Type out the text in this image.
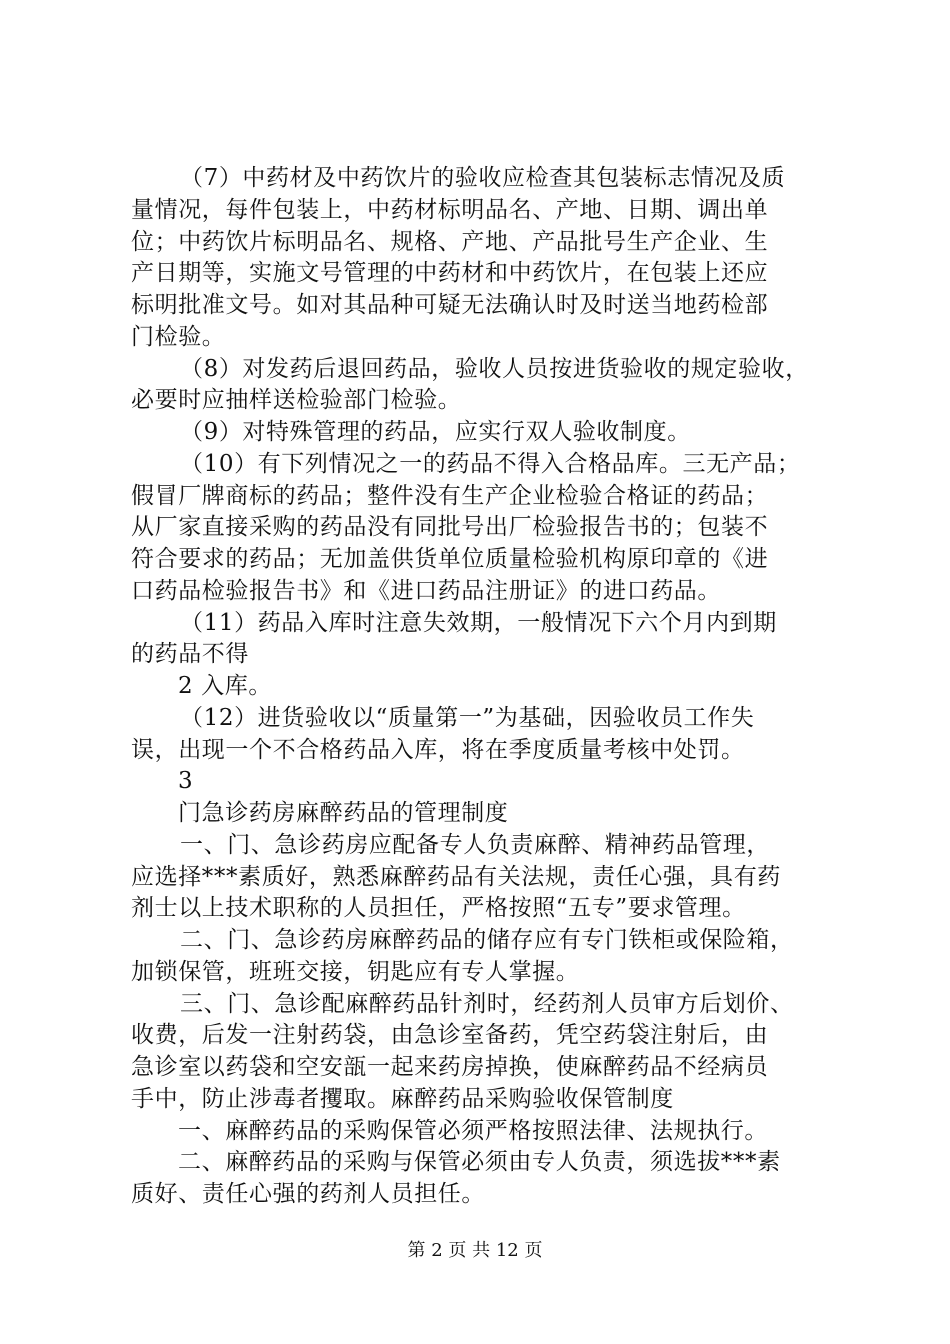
（7）中药材及中药饮片的验收应检查其包装标志情况及质
量情况，每件包装上，中药材标明品名、产地、日期、调出单
位；中药饮片标明品名、规格、产地、产品批号生产企业、生
产日期等，实施文号管理的中药材和中药饮片，在包装上还应
标明批准文号。如对其品种可疑无法确认时及时送当地药检部
门检验。
（8）对发药后退回药品，验收人员按进货验收的规定验收，
必要时应抽样送检验部门检验。
（9）对特殊管理的药品，应实行双人验收制度。
（10）有下列情况之一的药品不得入合格品库。三无产品；
假冒厂牌商标的药品；整件没有生产企业检验合格证的药品；
从厂家直接采购的药品没有同批号出厂检验报告书的；包装不
符合要求的药品；无加盖供货单位质量检验机构原印章的《进
口药品检验报告书》和《进口药品注册证》的进口药品。
（11）药品入库时注意失效期，一般情况下六个月内到期
的药品不得
2 入库。
（12）进货验收以“质量第一”为基础，因验收员工作失
误，出现一个不合格药品入库，将在季度质量考核中处罚。
3
门急诊药房麻醉药品的管理制度
一、门、急诊药房应配备专人负责麻醉、精神药品管理，
应选择***素质好，熟悉麻醉药品有关法规，责任心强，具有药
剂士以上技术职称的人员担任，严格按照“五专”要求管理。
二、门、急诊药房麻醉药品的储存应有专门铁柜或保险箱，
加锁保管，班班交接，钥匙应有专人掌握。
三、门、急诊配麻醉药品针剂时，经药剂人员审方后划价、
收费，后发一注射药袋，由急诊室备药，凭空药袋注射后，由
急诊室以药袋和空安瓿一起来药房掉换，使麻醉药品不经病员
手中，防止涉毒者攫取。麻醉药品采购验收保管制度
一、麻醉药品的采购保管必须严格按照法律、法规执行。
第 2 页 共 12 页
二、麻醉药品的采购与保管必须由专人负责，须选拔***素
质好、责任心强的药剂人员担任。
